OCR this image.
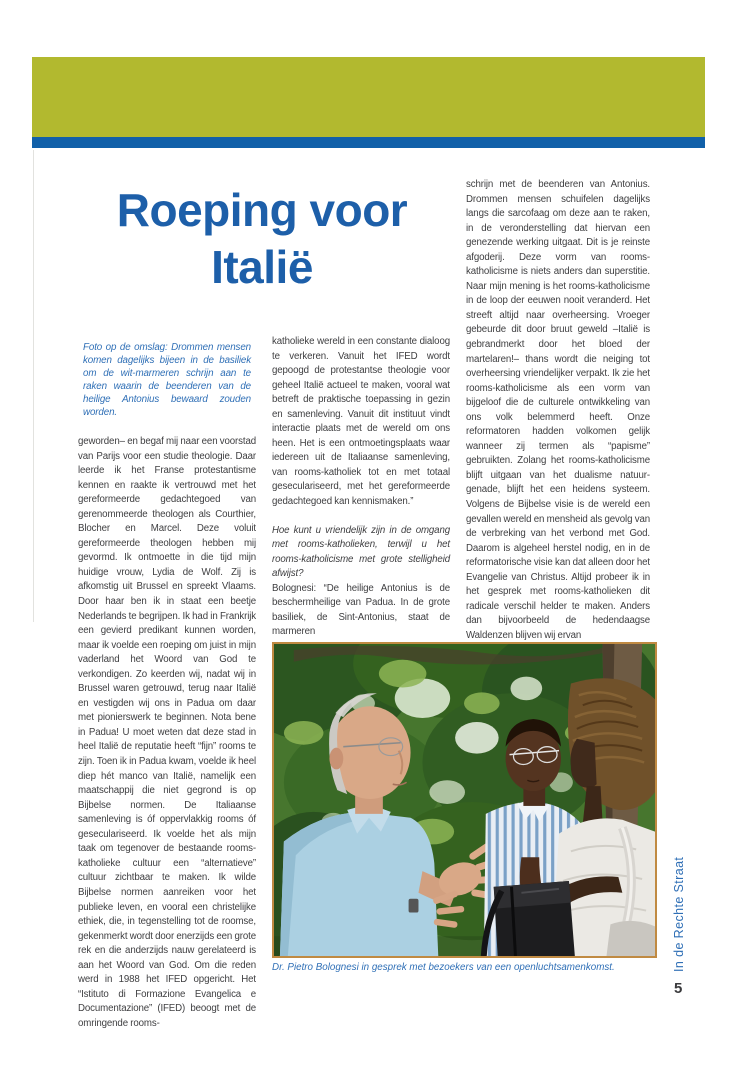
Roeping voor
Italië

Foto op de omslag: Drommen mensen komen dagelijks bijeen in de basiliek om de wit-marmeren schrijn aan te raken waarin de beenderen van de heilige Antonius bewaard zouden worden.

geworden– en begaf mij naar een voorstad van Parijs voor een studie theologie. Daar leerde ik het Franse protestantisme kennen en raakte ik vertrouwd met het gereformeerde gedachtegoed van gerenommeerde theologen als Courthier, Blocher en Marcel. Deze voluit gereformeerde theologen hebben mij gevormd. Ik ontmoette in die tijd mijn huidige vrouw, Lydia de Wolf. Zij is afkomstig uit Brussel en spreekt Vlaams. Door haar ben ik in staat een beetje Nederlands te begrijpen. Ik had in Frankrijk een gevierd predikant kunnen worden, maar ik voelde een roeping om juist in mijn vaderland het Woord van God te verkondigen. Zo keerden wij, nadat wij in Brussel waren getrouwd, terug naar Italië en vestigden wij ons in Padua om daar met pionierswerk te beginnen. Nota bene in Padua! U moet weten dat deze stad in heel Italië de reputatie heeft “fijn” rooms te zijn. Toen ik in Padua kwam, voelde ik heel diep hét manco van Italië, namelijk een maatschappij die niet gegrond is op Bijbelse normen. De Italiaanse samenleving is óf oppervlakkig rooms óf geseculariseerd. Ik voelde het als mijn taak om tegenover de bestaande rooms-katholieke cultuur een “alternatieve” cultuur zichtbaar te maken. Ik wilde Bijbelse normen aanreiken voor het publieke leven, en vooral een christelijke ethiek, die, in tegenstelling tot de roomse, gekenmerkt wordt door enerzijds een grote rek en die anderzijds nauw gerelateerd is aan het Woord van God. Om die reden werd in 1988 het IFED opgericht. Het “Istituto di Formazione Evangelica e Documentazione” (IFED) beoogt met de omringende rooms-

katholieke wereld in een constante dialoog te verkeren. Vanuit het IFED wordt gepoogd de protestantse theologie voor geheel Italië actueel te maken, vooral wat betreft de praktische toepassing in gezin en samenleving. Vanuit dit instituut vindt interactie plaats met de wereld om ons heen. Het is een ontmoetingsplaats waar iedereen uit de Italiaanse samenleving, van rooms-katholiek tot en met totaal geseculariseerd, met het gereformeerde gedachtegoed kan kennismaken.”

Hoe kunt u vriendelijk zijn in de omgang met rooms-katholieken, terwijl u het rooms-katholicisme met grote stelligheid afwijst?

Bolognesi: “De heilige Antonius is de beschermheilige van Padua. In de grote basiliek, de Sint-Antonius, staat de marmeren

schrijn met de beenderen van Antonius. Drommen mensen schuifelen dagelijks langs die sarcofaag om deze aan te raken, in de veronderstelling dat hiervan een genezende werking uitgaat. Dit is je reinste afgoderij. Deze vorm van rooms-katholicisme is niets anders dan superstitie. Naar mijn mening is het rooms-katholicisme in de loop der eeuwen nooit veranderd. Het streeft altijd naar overheersing. Vroeger gebeurde dit door bruut geweld –Italië is gebrandmerkt door het bloed der martelaren!– thans wordt die neiging tot overheersing vriendelijker verpakt. Ik zie het rooms-katholicisme als een vorm van bijgeloof die de culturele ontwikkeling van ons volk belemmerd heeft. Onze reformatoren hadden volkomen gelijk wanneer zij termen als “papisme” gebruikten. Zolang het rooms-katholicisme blijft uitgaan van het dualisme natuur-genade, blijft het een heidens systeem. Volgens de Bijbelse visie is de wereld een gevallen wereld en mensheid als gevolg van de verbreking van het verbond met God. Daarom is algeheel herstel nodig, en in de reformatorische visie kan dat alleen door het Evangelie van Christus. Altijd probeer ik in het gesprek met rooms-katholieken dit radicale verschil helder te maken. Anders dan bijvoorbeeld de hedendaagse Waldenzen blijven wij ervan

Dr. Pietro Bolognesi in gesprek met bezoekers van een openluchtsamenkomst.	In de Rechte Straat
5
